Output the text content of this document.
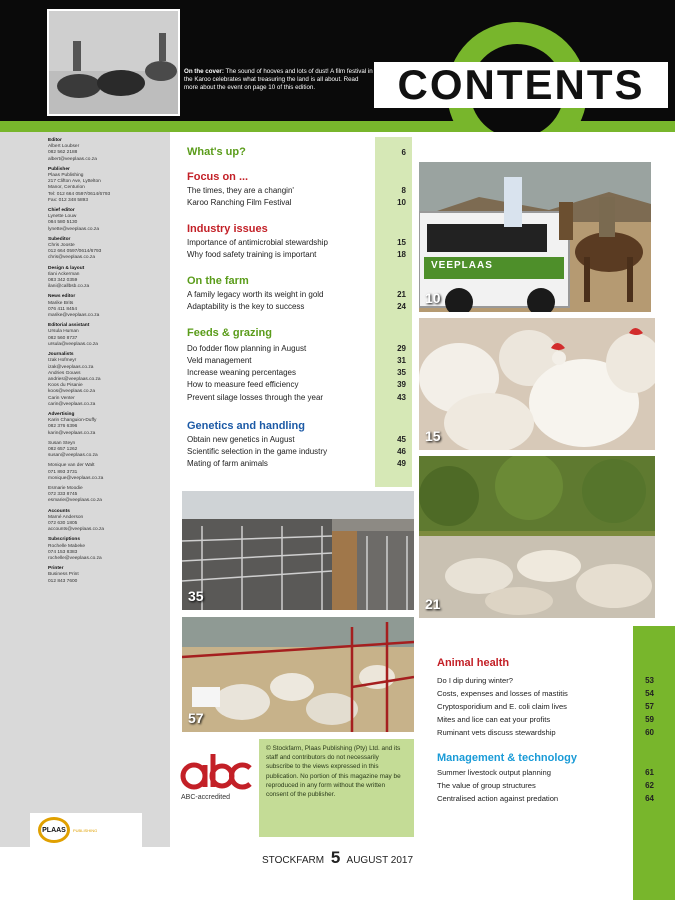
On the cover: The sound of hooves and lots of dust! A film festival in the Karoo celebrates what treasuring the land is all about. Read more about the event on page 10 of this edition.	CONTENTS
Editor
Albert Loubser
082 562 2188
albert@veeplaas.co.za
Publisher
Plaas Publishing
217 Clifton Ave, Lyttelton
Manor, Centurion
Tel: 012 664 0597/0614/6793
Fax: 012 348 5893
Chief editor
Lynette Louw
084 580 5130
lynette@veeplaas.co.za
Subeditor
Chris Jooste
012 664 0597/0614/6793
chris@veeplaas.co.za
Design & layout
Ilani Ackerman
083 342 0359
ilani@callbsb.co.za
News editor
Marike Brits
076 411 8454
marike@veeplaas.co.za
Editorial assistant
Ursula Human
082 560 8737
ursula@veeplaas.co.za
Journalists
Izak Hofmeyr
izak@veeplaas.co.za
Andries Gouws
andries@veeplaas.co.za
Koos du Pisanie
koos@veeplaas.co.za
Carin Venter
carin@veeplaas.co.za
Advertising
Karin Changuion-Duffy
082 376 6396
karin@veeplaas.co.za
Susan Steyn
082 657 1262
susan@veeplaas.co.za
Monique van der Walt
071 893 3731
monique@veeplaas.co.za
Esmarie Moodie
072 333 8745
esmarie@veeplaas.co.za
Accounts
Marné Anderson
072 630 1805
accounts@veeplaas.co.za
Subscriptions
Rochelle Mabeke
074 153 8383
rochelle@veeplaas.co.za
Printer
Business Print
012 843 7600
PLAAS	PUBLISHING
What's up?	6
Focus on ...
The times, they are a changin'	8
Karoo Ranching Film Festival	10
Industry issues
Importance of antimicrobial stewardship	15
Why food safety training is important	18
On the farm
A family legacy worth its weight in gold	21
Adaptability is the key to success	24
Feeds & grazing
Do fodder flow planning in August	29
Veld management	31
Increase weaning percentages	35
How to measure feed efficiency	39
Prevent silage losses through the year	43
Genetics and handling
Obtain new genetics in August	45
Scientific selection in the game industry	46
Mating of farm animals	49
VEEPLAAS
10
15
21
35
57
ABC-accredited
© Stockfarm, Plaas Publishing (Pty) Ltd. and its staff and contributors do not necessarily subscribe to the views expressed in this publication. No portion of this magazine may be reproduced in any form without the written consent of the publisher.
STOCKFARM 5 AUGUST 2017
Animal health
Do I dip during winter?	53
Costs, expenses and losses of mastitis	54
Cryptosporidium and E. coli claim lives	57
Mites and lice can eat your profits	59
Ruminant vets discuss stewardship	60
Management & technology
Summer livestock output planning	61
The value of group structures	62
Centralised action against predation	64
